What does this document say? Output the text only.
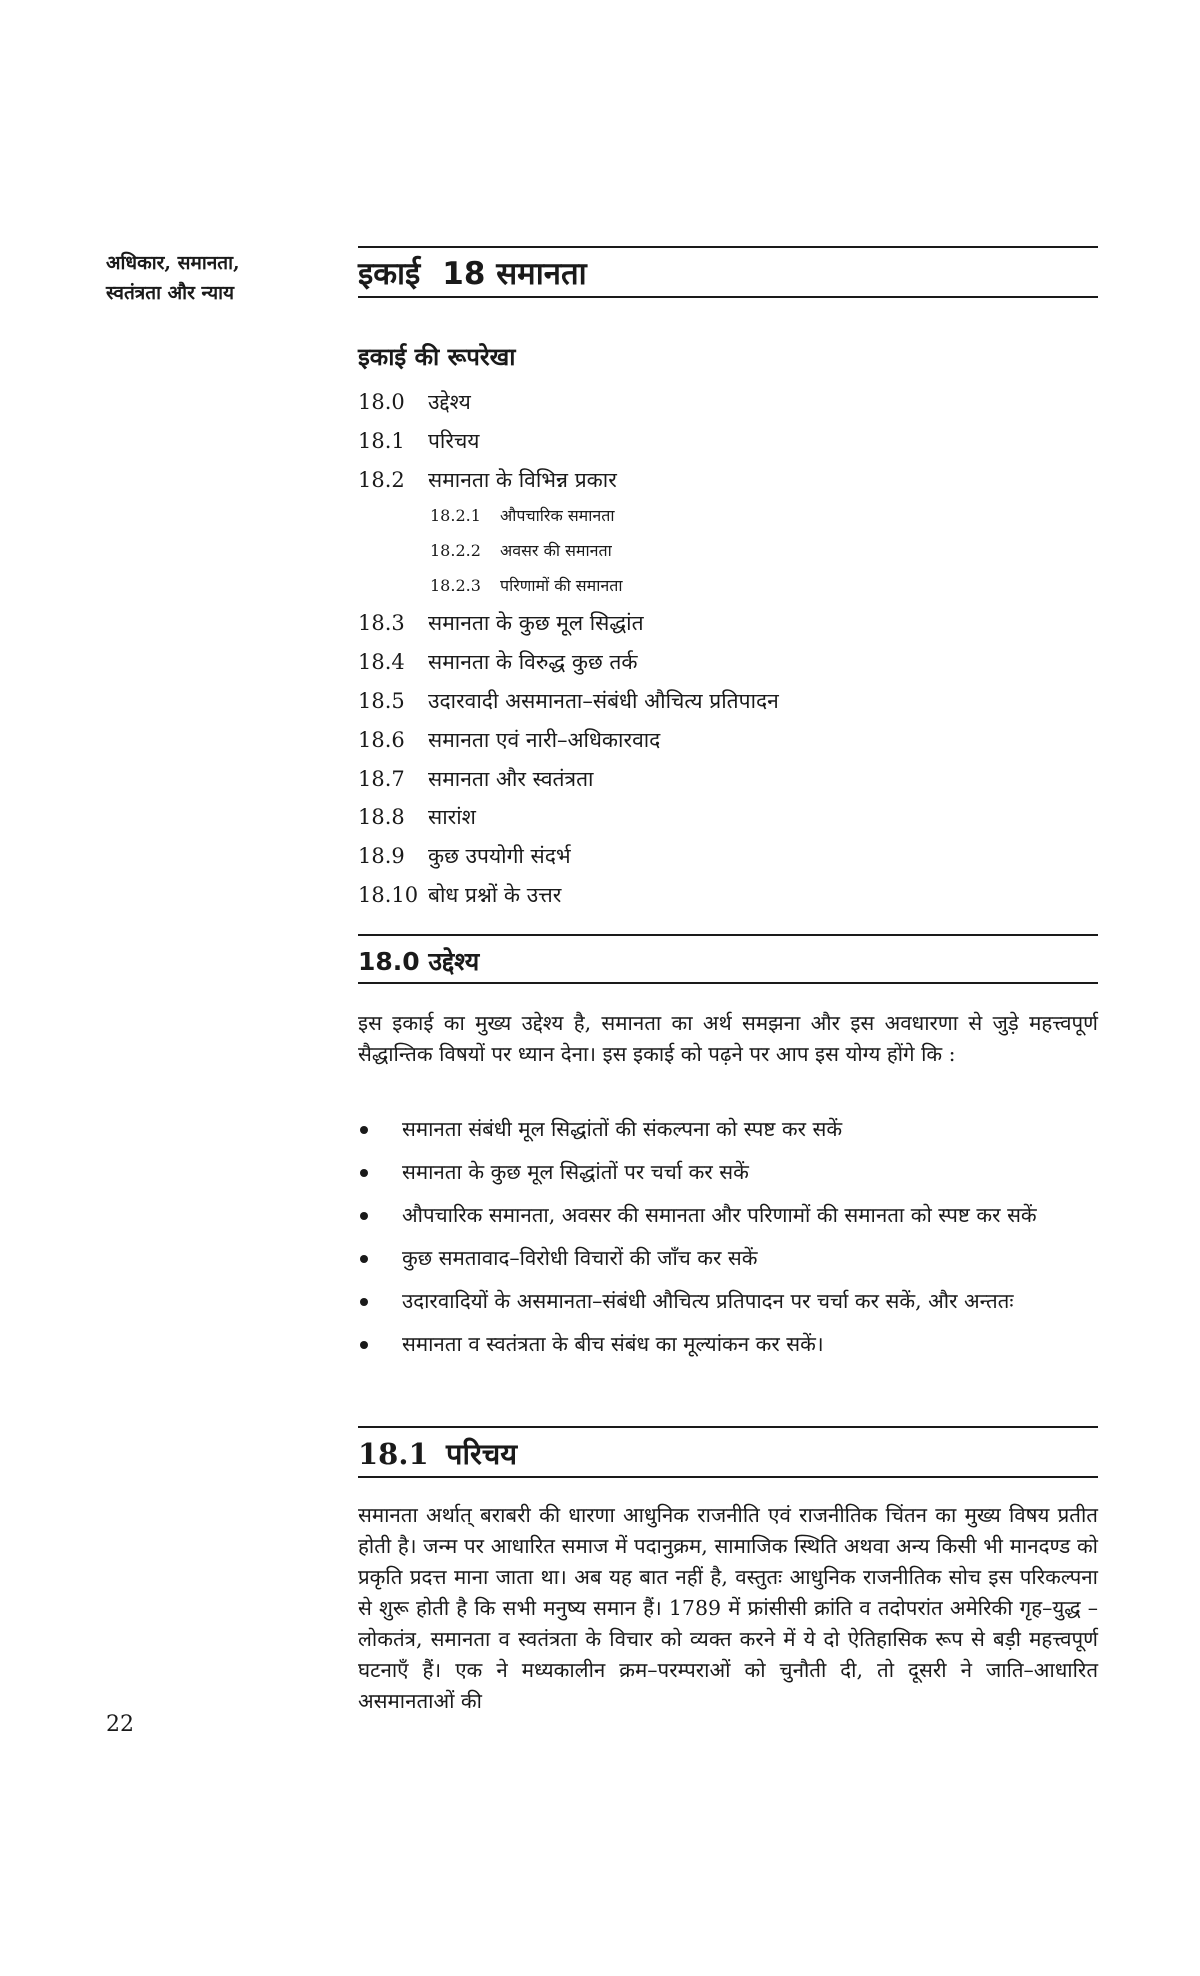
अधिकार, समानता,
स्वतंत्रता और न्याय
22
इकाई 18 समानता
इकाई की रूपरेखा
18.0	उद्देश्य
18.1	परिचय
18.2	समानता के विभिन्न प्रकार
18.2.1	औपचारिक समानता
18.2.2	अवसर की समानता
18.2.3	परिणामों की समानता
18.3	समानता के कुछ मूल सिद्धांत
18.4	समानता के विरुद्ध कुछ तर्क
18.5	उदारवादी असमानता–संबंधी औचित्य प्रतिपादन
18.6	समानता एवं नारी–अधिकारवाद
18.7	समानता और स्वतंत्रता
18.8	सारांश
18.9	कुछ उपयोगी संदर्भ
18.10 बोध प्रश्नों के उत्तर
18.0 उद्देश्य
इस इकाई का मुख्य उद्देश्य है, समानता का अर्थ समझना और इस अवधारणा से जुड़े महत्त्वपूर्ण सैद्धान्तिक विषयों पर ध्यान देना। इस इकाई को पढ़ने पर आप इस योग्य होंगे कि :
समानता संबंधी मूल सिद्धांतों की संकल्पना को स्पष्ट कर सकें
समानता के कुछ मूल सिद्धांतों पर चर्चा कर सकें
औपचारिक समानता, अवसर की समानता और परिणामों की समानता को स्पष्ट कर सकें
कुछ समतावाद–विरोधी विचारों की जाँच कर सकें
उदारवादियों के असमानता–संबंधी औचित्य प्रतिपादन पर चर्चा कर सकें, और अन्ततः
समानता व स्वतंत्रता के बीच संबंध का मूल्यांकन कर सकें।
18.1 परिचय
समानता अर्थात् बराबरी की धारणा आधुनिक राजनीति एवं राजनीतिक चिंतन का मुख्य विषय प्रतीत होती है। जन्म पर आधारित समाज में पदानुक्रम, सामाजिक स्थिति अथवा अन्य किसी भी मानदण्ड को प्रकृति प्रदत्त माना जाता था। अब यह बात नहीं है, वस्तुतः आधुनिक राजनीतिक सोच इस परिकल्पना से शुरू होती है कि सभी मनुष्य समान हैं। 1789 में फ्रांसीसी क्रांति व तदोपरांत अमेरिकी गृह–युद्ध – लोकतंत्र, समानता व स्वतंत्रता के विचार को व्यक्त करने में ये दो ऐतिहासिक रूप से बड़ी महत्त्वपूर्ण घटनाएँ हैं। एक ने मध्यकालीन क्रम–परम्पराओं को चुनौती दी, तो दूसरी ने जाति–आधारित असमानताओं की
